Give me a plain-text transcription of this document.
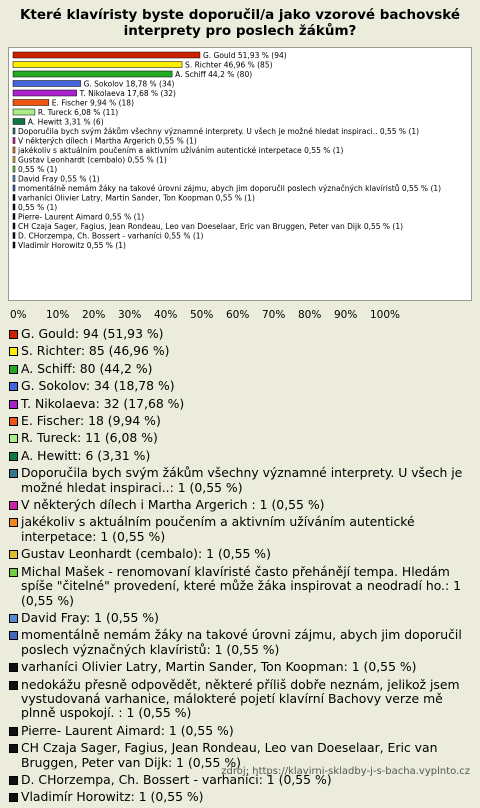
Které klavíristy byste doporučil/a jako vzorové bachovské interprety pro poslech žákům?
G. Gould 51,93 % (94)
S. Richter 46,96 % (85)
A. Schiff 44,2 % (80)
G. Sokolov 18,78 % (34)
T. Nikolaeva 17,68 % (32)
E. Fischer 9,94 % (18)
R. Tureck 6,08 % (11)
A. Hewitt 3,31 % (6)
Doporučila bych svým žákům všechny významné interprety. U všech je možné hledat inspiraci.. 0,55 % (1)
V některých dílech i Martha Argerich 0,55 % (1)
jakékoliv s aktuálním poučením a aktivním užíváním autentické interpetace 0,55 % (1)
Gustav Leonhardt (cembalo) 0,55 % (1)
0,55 % (1)
David Fray 0,55 % (1)
momentálně nemám žáky na takové úrovni zájmu, abych jim doporučil poslech význačných klavíristů 0,55 % (1)
varhaníci Olivier Latry, Martin Sander, Ton Koopman 0,55 % (1)
0,55 % (1)
Pierre- Laurent Aimard 0,55 % (1)
CH Czaja Sager, Fagius, Jean Rondeau, Leo van Doeselaar, Eric van Bruggen, Peter van Dijk 0,55 % (1)
D. CHorzempa, Ch. Bossert - varhaníci 0,55 % (1)
Vladimír Horowitz 0,55 % (1)
0% 10% 20% 30% 40% 50% 60% 70% 80% 90% 100%
G. Gould: 94 (51,93 %)
S. Richter: 85 (46,96 %)
A. Schiff: 80 (44,2 %)
G. Sokolov: 34 (18,78 %)
T. Nikolaeva: 32 (17,68 %)
E. Fischer: 18 (9,94 %)
R. Tureck: 11 (6,08 %)
A. Hewitt: 6 (3,31 %)
Doporučila bych svým žákům všechny významné interprety. U všech je možné hledat inspiraci..: 1 (0,55 %)
V některých dílech i Martha Argerich : 1 (0,55 %)
jakékoliv s aktuálním poučením a aktivním užíváním autentické interpetace: 1 (0,55 %)
Gustav Leonhardt (cembalo): 1 (0,55 %)
Michal Mašek - renomovaní klavíristé často přehánějí tempa. Hledám spíše "čitelné" provedení, které může žáka inspirovat a neodradí ho.: 1 (0,55 %)
David Fray: 1 (0,55 %)
momentálně nemám žáky na takové úrovni zájmu, abych jim doporučil poslech význačných klavíristů: 1 (0,55 %)
varhaníci Olivier Latry, Martin Sander, Ton Koopman: 1 (0,55 %)
nedokážu přesně odpovědět, některé příliš dobře neznám, jelikož jsem vystudovaná varhanice, málokteré pojetí klavírní Bachovy verze mě plnně uspokojí. : 1 (0,55 %)
Pierre- Laurent Aimard: 1 (0,55 %)
CH Czaja Sager, Fagius, Jean Rondeau, Leo van Doeselaar, Eric van Bruggen, Peter van Dijk: 1 (0,55 %)
D. CHorzempa, Ch. Bossert - varhaníci: 1 (0,55 %)
Vladimír Horowitz: 1 (0,55 %)
zdroj: https://klavirni-skladby-j-s-bacha.vyplnto.cz
